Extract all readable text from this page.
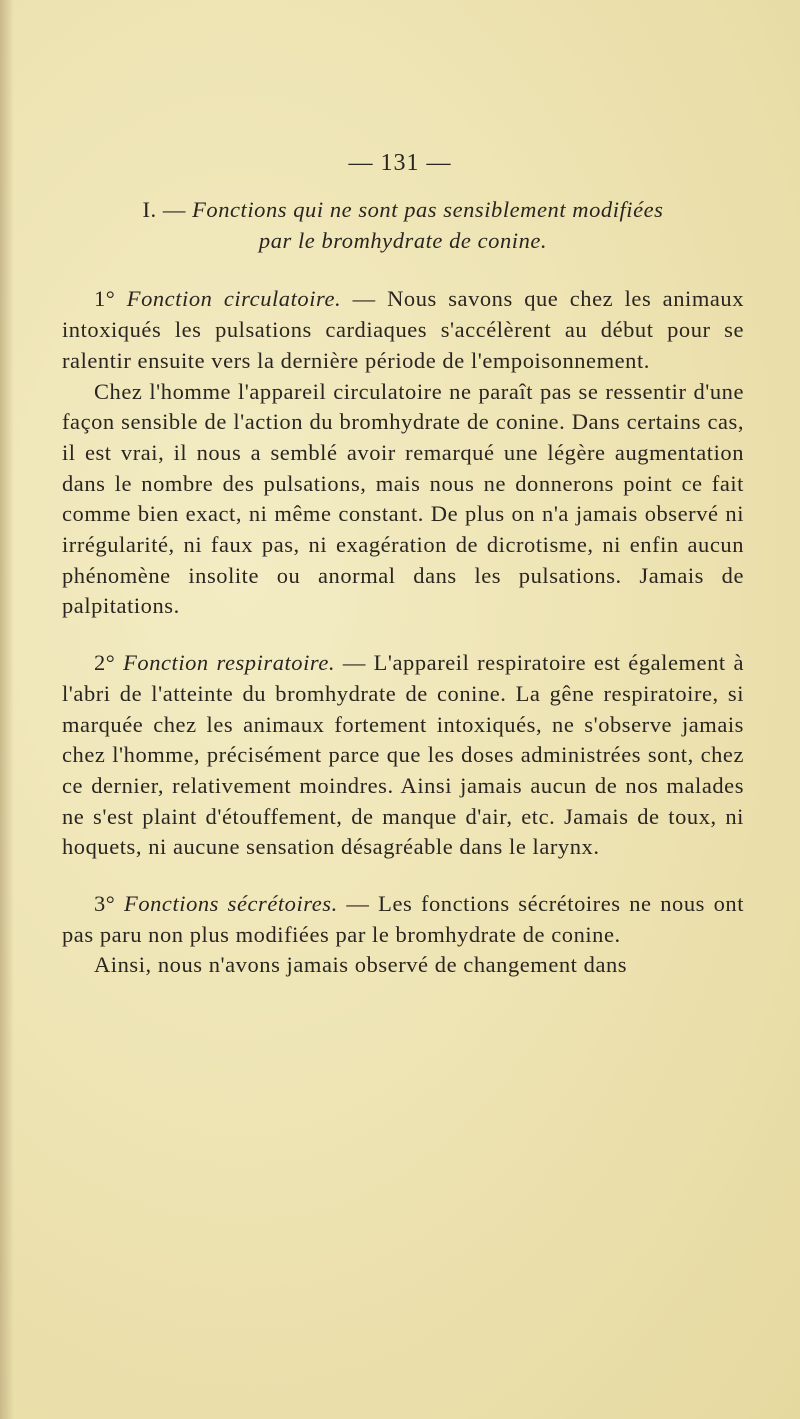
— 131 —
I. — Fonctions qui ne sont pas sensiblement modifiées
par le bromhydrate de conine.

1° Fonction circulatoire. — Nous savons que chez les animaux intoxiqués les pulsations cardiaques s'accélèrent au début pour se ralentir ensuite vers la dernière période de l'empoisonnement.

Chez l'homme l'appareil circulatoire ne paraît pas se ressentir d'une façon sensible de l'action du bromhydrate de conine. Dans certains cas, il est vrai, il nous a semblé avoir remarqué une légère augmentation dans le nombre des pulsations, mais nous ne donnerons point ce fait comme bien exact, ni même constant. De plus on n'a jamais observé ni irrégularité, ni faux pas, ni exagération de dicrotisme, ni enfin aucun phénomène insolite ou anormal dans les pulsations. Jamais de palpitations.

2° Fonction respiratoire. — L'appareil respiratoire est également à l'abri de l'atteinte du bromhydrate de conine. La gêne respiratoire, si marquée chez les animaux fortement intoxiqués, ne s'observe jamais chez l'homme, précisément parce que les doses administrées sont, chez ce dernier, relativement moindres. Ainsi jamais aucun de nos malades ne s'est plaint d'étouffement, de manque d'air, etc. Jamais de toux, ni hoquets, ni aucune sensation désagréable dans le larynx.

3° Fonctions sécrétoires. — Les fonctions sécrétoires ne nous ont pas paru non plus modifiées par le bromhydrate de conine.

Ainsi, nous n'avons jamais observé de changement dans
